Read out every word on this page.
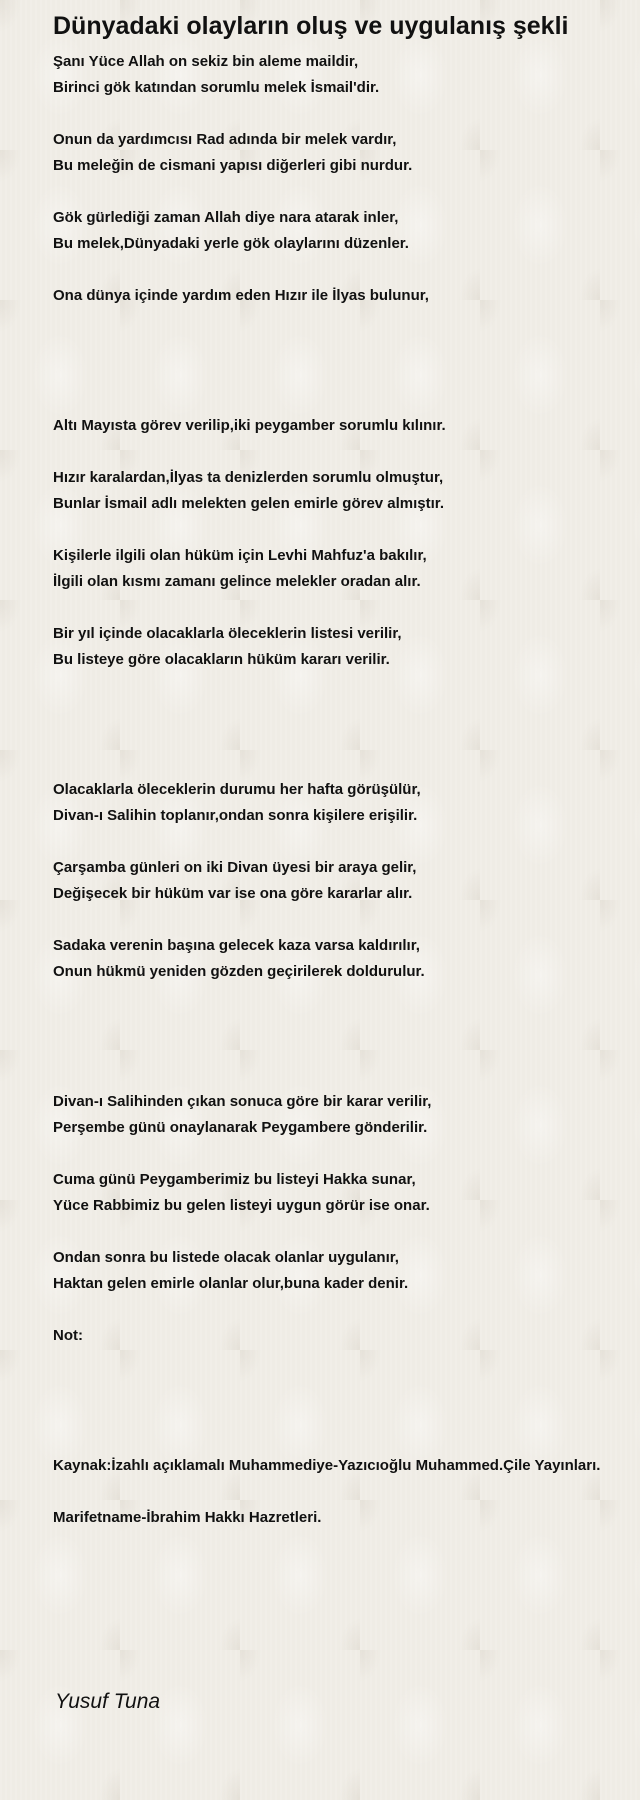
Dünyadaki olayların oluş ve uygulanış şekli
Şanı Yüce Allah on sekiz bin aleme maildir,
Birinci gök katından sorumlu melek İsmail'dir.
Onun da yardımcısı Rad adında bir melek vardır,
Bu meleğin de cismani yapısı diğerleri gibi nurdur.
Gök gürlediği zaman Allah diye nara atarak inler,
Bu melek,Dünyadaki yerle gök olaylarını düzenler.
Ona dünya içinde yardım eden Hızır ile İlyas bulunur,
Altı Mayısta görev verilip,iki peygamber sorumlu kılınır.
Hızır karalardan,İlyas ta denizlerden sorumlu olmuştur,
Bunlar İsmail adlı melekten gelen emirle görev almıştır.
Kişilerle ilgili olan hüküm için Levhi Mahfuz'a bakılır,
İlgili olan kısmı zamanı gelince melekler oradan alır.
Bir yıl içinde olacaklarla öleceklerin listesi verilir,
Bu listeye göre olacakların hüküm kararı verilir.
Olacaklarla öleceklerin durumu her hafta görüşülür,
Divan-ı Salihin toplanır,ondan sonra kişilere erişilir.
Çarşamba günleri on iki Divan üyesi bir araya gelir,
Değişecek bir hüküm var ise ona göre kararlar alır.
Sadaka verenin başına gelecek kaza varsa kaldırılır,
Onun hükmü yeniden gözden geçirilerek doldurulur.
Divan-ı Salihinden çıkan sonuca göre bir karar verilir,
Perşembe günü onaylanarak Peygambere gönderilir.
Cuma günü Peygamberimiz bu listeyi Hakka sunar,
Yüce Rabbimiz bu gelen listeyi uygun görür ise onar.
Ondan sonra bu listede olacak olanlar uygulanır,
Haktan gelen emirle olanlar olur,buna kader denir.
Not:
Kaynak:İzahlı açıklamalı Muhammediye-Yazıcıoğlu Muhammed.Çile Yayınları.
Marifetname-İbrahim Hakkı Hazretleri.
Yusuf Tuna
